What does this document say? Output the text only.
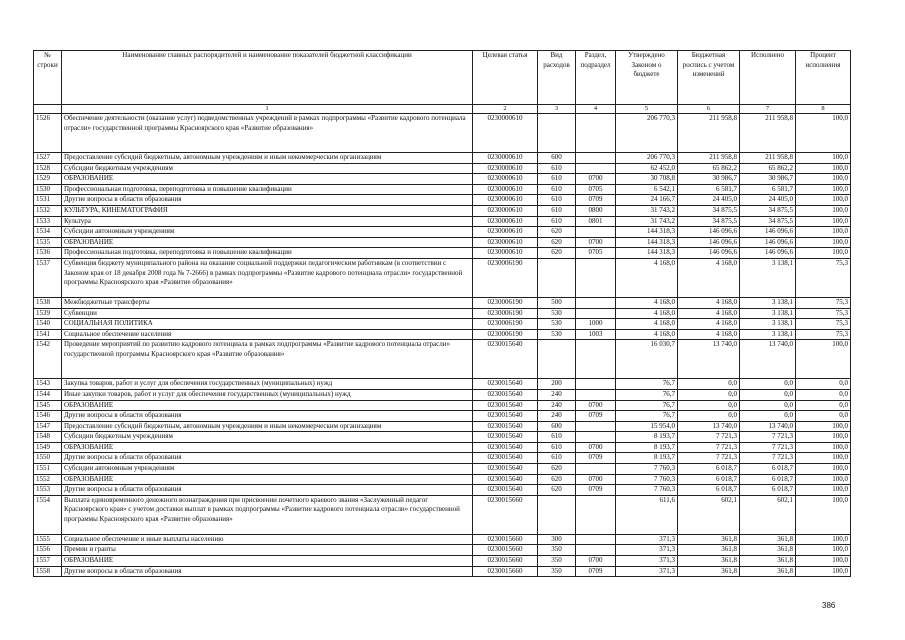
№ строки	Наименование главных распорядителей и наименование показателей бюджетной классификации	Целевая статья	Вид расходов	Раздел, подраздел	Утверждено Законом о бюджете	Бюджетная роспись с учетом изменений	Исполнено	Процент исполнения
	1	2	3	4	5	6	7	8
1526	Обеспечение деятельности (оказание услуг) подведомственных учреждений в рамках подпрограммы «Развитие кадрового потенциала отрасли» государственной программы Красноярского края «Развитие образования»	0230000610			206 770,3	211 958,8	211 958,8	100,0
1527	Предоставление субсидий бюджетным, автономным учреждениям и иным некоммерческим организациям	0230000610	600		206 770,3	211 958,8	211 958,8	100,0
1528	Субсидии бюджетным учреждениям	0230000610	610		62 452,0	65 862,2	65 862,2	100,0
1529	ОБРАЗОВАНИЕ	0230000610	610	0700	30 708,8	30 986,7	30 986,7	100,0
1530	Профессиональная подготовка, переподготовка и повышение квалификации	0230000610	610	0705	6 542,1	6 581,7	6 581,7	100,0
1531	Другие вопросы в области образования	0230000610	610	0709	24 166,7	24 405,0	24 405,0	100,0
1532	КУЛЬТУРА, КИНЕМАТОГРАФИЯ	0230000610	610	0800	31 743,2	34 875,5	34 875,5	100,0
1533	Культура	0230000610	610	0801	31 743,2	34 875,5	34 875,5	100,0
1534	Субсидии автономным учреждениям	0230000610	620		144 318,3	146 096,6	146 096,6	100,0
1535	ОБРАЗОВАНИЕ	0230000610	620	0700	144 318,3	146 096,6	146 096,6	100,0
1536	Профессиональная подготовка, переподготовка и повышение квалификации	0230000610	620	0705	144 318,3	146 096,6	146 096,6	100,0
1537	Субвенция бюджету муниципального района на оказание социальной поддержки педагогическим работникам (в соответствии с Законом края от 18 декабря 2008 года № 7-2666) в рамках подпрограммы «Развитие кадрового потенциала отрасли» государственной программы Красноярского края «Развитие образования»	0230006190			4 168,0	4 168,0	3 138,1	75,3
1538	Межбюджетные трансферты	0230006190	500		4 168,0	4 168,0	3 138,1	75,3
1539	Субвенции	0230006190	530		4 168,0	4 168,0	3 138,1	75,3
1540	СОЦИАЛЬНАЯ ПОЛИТИКА	0230006190	530	1000	4 168,0	4 168,0	3 138,1	75,3
1541	Социальное обеспечение населения	0230006190	530	1003	4 168,0	4 168,0	3 138,1	75,3
1542	Проведение мероприятий по развитию кадрового потенциала в рамках подпрограммы «Развитие кадрового потенциала отрасли» государственной программы Красноярского края «Развитие образования»	0230015640			16 030,7	13 740,0	13 740,0	100,0
1543	Закупка товаров, работ и услуг для обеспечения государственных (муниципальных) нужд	0230015640	200		76,7	0,0	0,0	0,0
1544	Иные закупки товаров, работ и услуг для обеспечения государственных (муниципальных) нужд	0230015640	240		76,7	0,0	0,0	0,0
1545	ОБРАЗОВАНИЕ	0230015640	240	0700	76,7	0,0	0,0	0,0
1546	Другие вопросы в области образования	0230015640	240	0709	76,7	0,0	0,0	0,0
1547	Предоставление субсидий бюджетным, автономным учреждениям и иным некоммерческим организациям	0230015640	600		15 954,0	13 740,0	13 740,0	100,0
1548	Субсидии бюджетным учреждениям	0230015640	610		8 193,7	7 721,3	7 721,3	100,0
1549	ОБРАЗОВАНИЕ	0230015640	610	0700	8 193,7	7 721,3	7 721,3	100,0
1550	Другие вопросы в области образования	0230015640	610	0709	8 193,7	7 721,3	7 721,3	100,0
1551	Субсидии автономным учреждениям	0230015640	620		7 760,3	6 018,7	6 018,7	100,0
1552	ОБРАЗОВАНИЕ	0230015640	620	0700	7 760,3	6 018,7	6 018,7	100,0
1553	Другие вопросы в области образования	0230015640	620	0709	7 760,3	6 018,7	6 018,7	100,0
1554	Выплата единовременного денежного вознаграждения при присвоении почетного краевого звания «Заслуженный педагог Красноярского края» с учетом доставки выплат в рамках подпрограммы «Развитие кадрового потенциала отрасли» государственной программы Красноярского края «Развитие образования»	0230015660			611,6	602,1	602,1	100,0
1555	Социальное обеспечение и иные выплаты населению	0230015660	300		371,3	361,8	361,8	100,0
1556	Премии и гранты	0230015660	350		371,3	361,8	361,8	100,0
1557	ОБРАЗОВАНИЕ	0230015660	350	0700	371,3	361,8	361,8	100,0
1558	Другие вопросы в области образования	0230015660	350	0709	371,3	361,8	361,8	100,0
386
